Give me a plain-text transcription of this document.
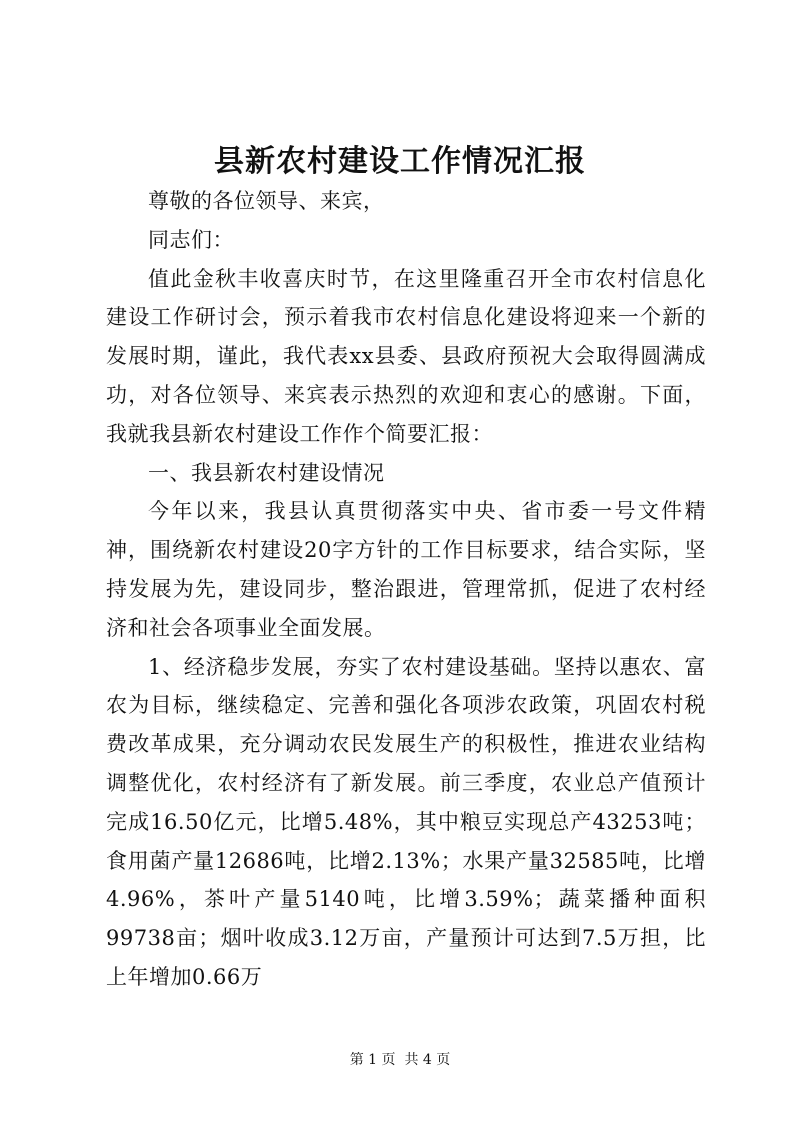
县新农村建设工作情况汇报

尊敬的各位领导、来宾，

同志们：

值此金秋丰收喜庆时节，在这里隆重召开全市农村信息化建设工作研讨会，预示着我市农村信息化建设将迎来一个新的发展时期，谨此，我代表xx县委、县政府预祝大会取得圆满成功，对各位领导、来宾表示热烈的欢迎和衷心的感谢。下面，我就我县新农村建设工作作个简要汇报：

一、我县新农村建设情况

今年以来，我县认真贯彻落实中央、省市委一号文件精神，围绕新农村建设20字方针的工作目标要求，结合实际，坚持发展为先，建设同步，整治跟进，管理常抓，促进了农村经济和社会各项事业全面发展。

1、经济稳步发展，夯实了农村建设基础。坚持以惠农、富农为目标，继续稳定、完善和强化各项涉农政策，巩固农村税费改革成果，充分调动农民发展生产的积极性，推进农业结构调整优化，农村经济有了新发展。前三季度，农业总产值预计完成16.50亿元，比增5.48%，其中粮豆实现总产43253吨；食用菌产量12686吨，比增2.13%；水果产量32585吨，比增4.96%，茶叶产量5140吨，比增3.59%；蔬菜播种面积99738亩；烟叶收成3.12万亩，产量预计可达到7.5万担，比上年增加0.66万

第 1 页  共 4 页
